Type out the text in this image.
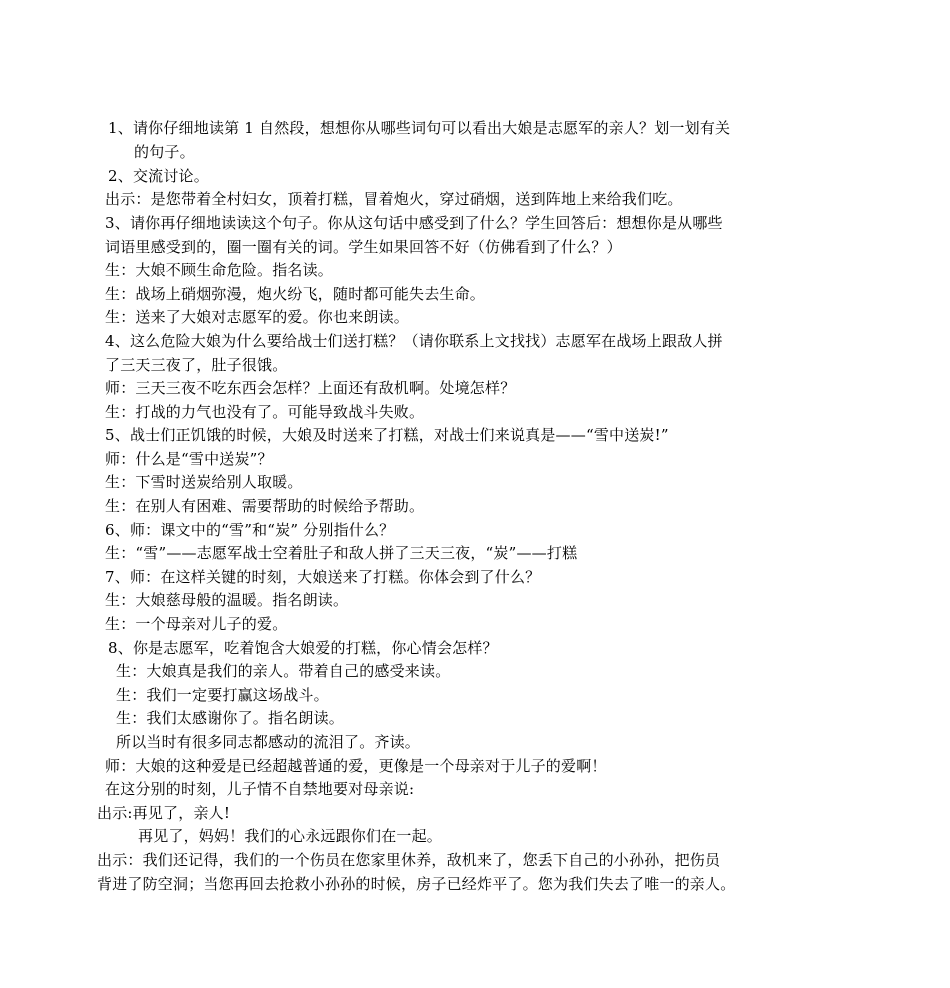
1、请你仔细地读第 1 自然段，想想你从哪些词句可以看出大娘是志愿军的亲人？划一划有关
的句子。
2、交流讨论。
出示：是您带着全村妇女，顶着打糕，冒着炮火，穿过硝烟，送到阵地上来给我们吃。
3、请你再仔细地读读这个句子。你从这句话中感受到了什么？学生回答后：想想你是从哪些
词语里感受到的，圈一圈有关的词。学生如果回答不好（仿佛看到了什么？）
生：大娘不顾生命危险。指名读。
生：战场上硝烟弥漫，炮火纷飞，随时都可能失去生命。
生：送来了大娘对志愿军的爱。你也来朗读。
4、这么危险大娘为什么要给战士们送打糕？（请你联系上文找找）志愿军在战场上跟敌人拼
了三天三夜了，肚子很饿。
师：三天三夜不吃东西会怎样？上面还有敌机啊。处境怎样？
生：打战的力气也没有了。可能导致战斗失败。
5、战士们正饥饿的时候，大娘及时送来了打糕，对战士们来说真是——“雪中送炭!”
师：什么是“雪中送炭”？
生：下雪时送炭给别人取暖。
生：在别人有困难、需要帮助的时候给予帮助。
6、师：课文中的“雪”和“炭” 分别指什么？
生：“雪”——志愿军战士空着肚子和敌人拼了三天三夜，“炭”——打糕
7、师：在这样关键的时刻，大娘送来了打糕。你体会到了什么？
生：大娘慈母般的温暖。指名朗读。
生：一个母亲对儿子的爱。
8、你是志愿军，吃着饱含大娘爱的打糕，你心情会怎样？
生：大娘真是我们的亲人。带着自己的感受来读。
生：我们一定要打赢这场战斗。
生：我们太感谢你了。指名朗读。
所以当时有很多同志都感动的流泪了。齐读。
师：大娘的这种爱是已经超越普通的爱，更像是一个母亲对于儿子的爱啊！
在这分别的时刻，儿子情不自禁地要对母亲说:
出示:再见了，亲人!
再见了，妈妈！我们的心永远跟你们在一起。
出示：我们还记得，我们的一个伤员在您家里休养，敌机来了，您丢下自己的小孙孙，把伤员
背进了防空洞；当您再回去抢救小孙孙的时候，房子已经炸平了。您为我们失去了唯一的亲人。
